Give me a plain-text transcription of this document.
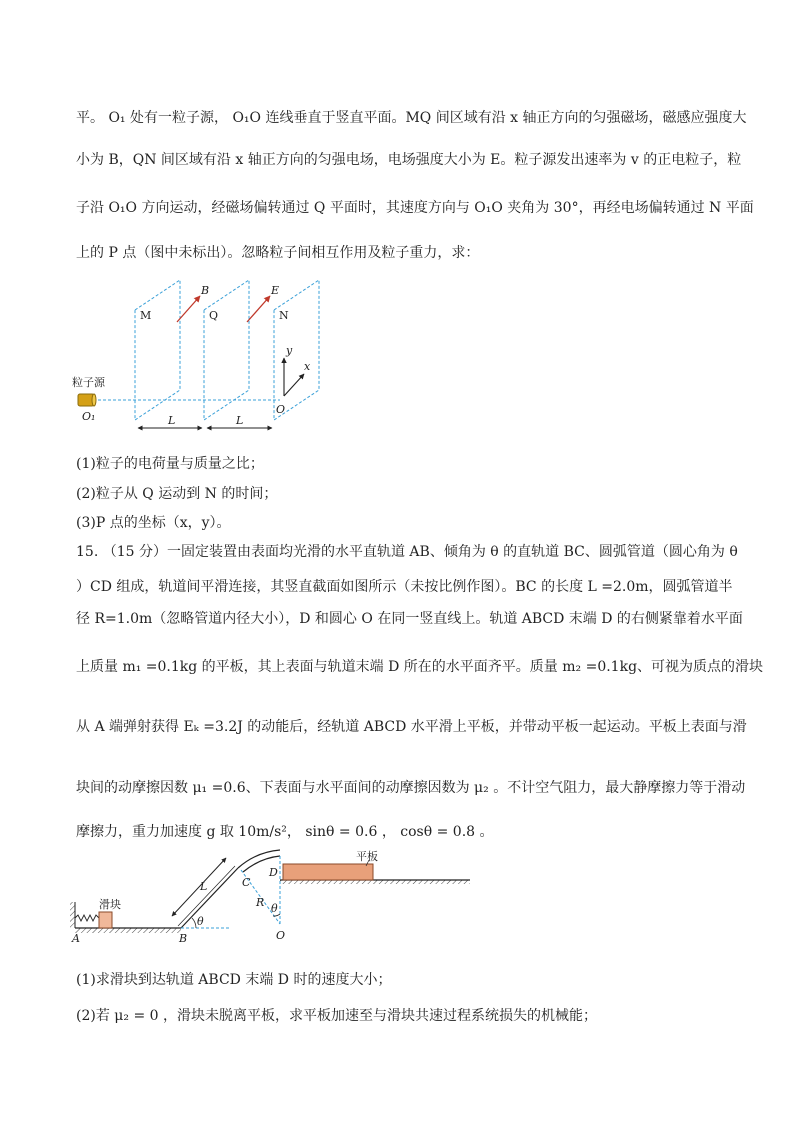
平。 O₁ 处有一粒子源， O₁O 连线垂直于竖直平面。MQ 间区域有沿 x 轴正方向的匀强磁场，磁感应强度大
小为 B，QN 间区域有沿 x 轴正方向的匀强电场，电场强度大小为 E。粒子源发出速率为 v 的正电粒子，粒
子沿 O₁O 方向运动，经磁场偏转通过 Q 平面时，其速度方向与 O₁O 夹角为 30°，再经电场偏转通过 N 平面
上的 P 点（图中未标出）。忽略粒子间相互作用及粒子重力，求：
B	E
M	Q	N
y
x
O
粒子源
O₁	L	L
(1)粒子的电荷量与质量之比；
(2)粒子从 Q 运动到 N 的时间；
(3)P 点的坐标（x，y）。
15. （15 分）一固定装置由表面均光滑的水平直轨道 AB、倾角为 θ 的直轨道 BC、圆弧管道（圆心角为 θ
）CD 组成，轨道间平滑连接，其竖直截面如图所示（未按比例作图）。BC 的长度 L =2.0m，圆弧管道半
径 R=1.0m（忽略管道内径大小），D 和圆心 O 在同一竖直线上。轨道 ABCD 末端 D 的右侧紧靠着水平面
上质量 m₁ =0.1kg 的平板，其上表面与轨道末端 D 所在的水平面齐平。质量 m₂ =0.1kg、可视为质点的滑块
从 A 端弹射获得 Eₖ =3.2J 的动能后，经轨道 ABCD 水平滑上平板，并带动平板一起运动。平板上表面与滑
块间的动摩擦因数 μ₁ =0.6、下表面与水平面间的动摩擦因数为 μ₂ 。不计空气阻力，最大静摩擦力等于滑动
摩擦力，重力加速度 g 取 10m/s²， sinθ = 0.6 ， cosθ = 0.8 。
平板
滑块
A	B
C
D
O
L
R
θ
θ
(1)求滑块到达轨道 ABCD 末端 D 时的速度大小；
(2)若 μ₂ = 0 ，滑块未脱离平板，求平板加速至与滑块共速过程系统损失的机械能；
